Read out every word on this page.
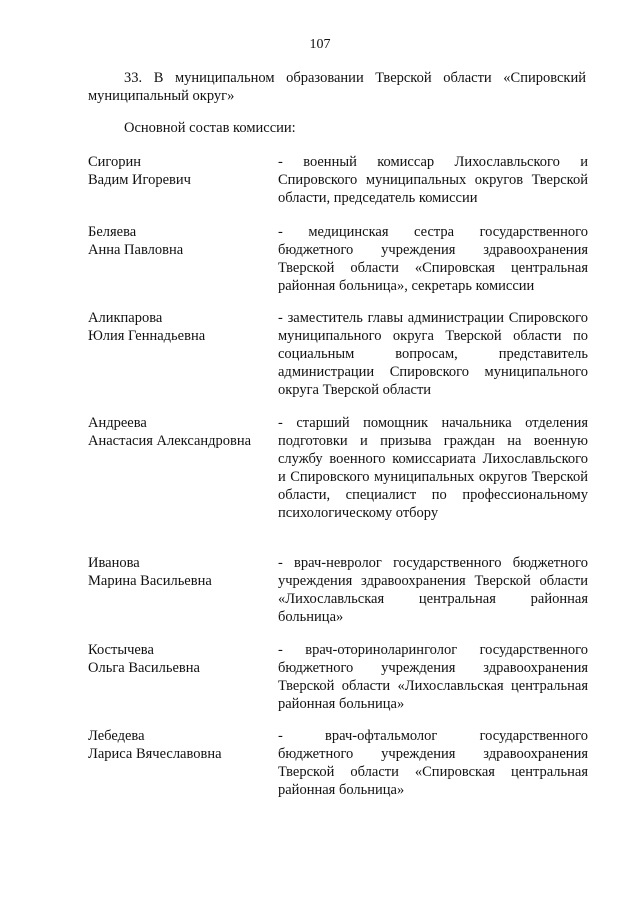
107
33. В муниципальном образовании Тверской области «Спировский муниципальный округ»
Основной состав комиссии:
Сигорин
Вадим Игоревич
- военный комиссар Лихославльского и Спировского муниципальных округов Тверской области, председатель комиссии
Беляева
Анна Павловна
- медицинская сестра государственного бюджетного учреждения здравоохранения Тверской области «Спировская центральная районная больница», секретарь комиссии
Аликпарова
Юлия Геннадьевна
- заместитель главы администрации Спировского муниципального округа Тверской области по социальным вопросам, представитель администрации Спировского муниципального округа Тверской области
Андреева
Анастасия Александровна
- старший помощник начальника отделения подготовки и призыва граждан на военную службу военного комиссариата Лихославльского и Спировского муниципальных округов Тверской области, специалист по профессиональному психологическому отбору
Иванова
Марина Васильевна
- врач-невролог государственного бюджетного учреждения здравоохранения Тверской области «Лихославльская центральная районная больница»
Костычева
Ольга Васильевна
- врач-оториноларинголог государственного бюджетного учреждения здравоохранения Тверской области «Лихославльская центральная районная больница»
Лебедева
Лариса Вячеславовна
- врач-офтальмолог государственного бюджетного учреждения здравоохранения Тверской области «Спировская центральная районная больница»
